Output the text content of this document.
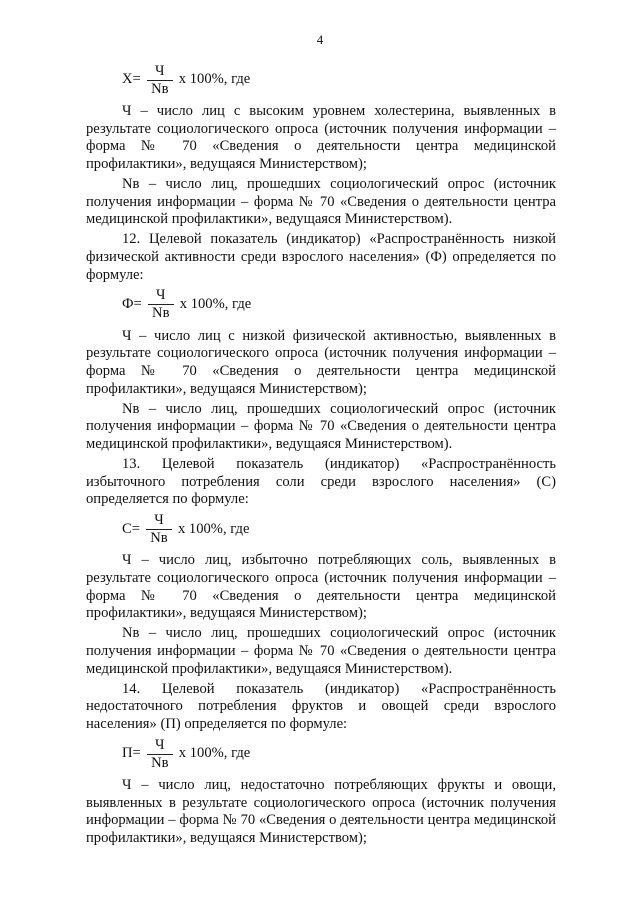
4
$Х= \frac{Ч}{Nв}$ x 100%, где

Ч – число лиц с высоким уровнем холестерина, выявленных в результате социологического опроса (источник получения информации – форма № 70 «Сведения о деятельности центра медицинской профилактики», ведущаяся Министерством);

Nв – число лиц, прошедших социологический опрос (источник получения информации – форма № 70 «Сведения о деятельности центра медицинской профилактики», ведущаяся Министерством).

12. Целевой показатель (индикатор) «Распространённость низкой физической активности среди взрослого населения» (Ф) определяется по формуле:

$Ф= \frac{Ч}{Nв}$ x 100%, где

Ч – число лиц с низкой физической активностью, выявленных в результате социологического опроса (источник получения информации – форма № 70 «Сведения о деятельности центра медицинской профилактики», ведущаяся Министерством);

Nв – число лиц, прошедших социологический опрос (источник получения информации – форма № 70 «Сведения о деятельности центра медицинской профилактики», ведущаяся Министерством).

13. Целевой показатель (индикатор) «Распространённость избыточного потребления соли среди взрослого населения» (С) определяется по формуле:

$С= \frac{Ч}{Nв}$ x 100%, где

Ч – число лиц, избыточно потребляющих соль, выявленных в результате социологического опроса (источник получения информации – форма № 70 «Сведения о деятельности центра медицинской профилактики», ведущаяся Министерством);

Nв – число лиц, прошедших социологический опрос (источник получения информации – форма № 70 «Сведения о деятельности центра медицинской профилактики», ведущаяся Министерством).

14. Целевой показатель (индикатор) «Распространённость недостаточного потребления фруктов и овощей среди взрослого населения» (П) определяется по формуле:

$П= \frac{Ч}{Nв}$ x 100%, где

Ч – число лиц, недостаточно потребляющих фрукты и овощи, выявленных в результате социологического опроса (источник получения информации – форма № 70 «Сведения о деятельности центра медицинской профилактики», ведущаяся Министерством);
